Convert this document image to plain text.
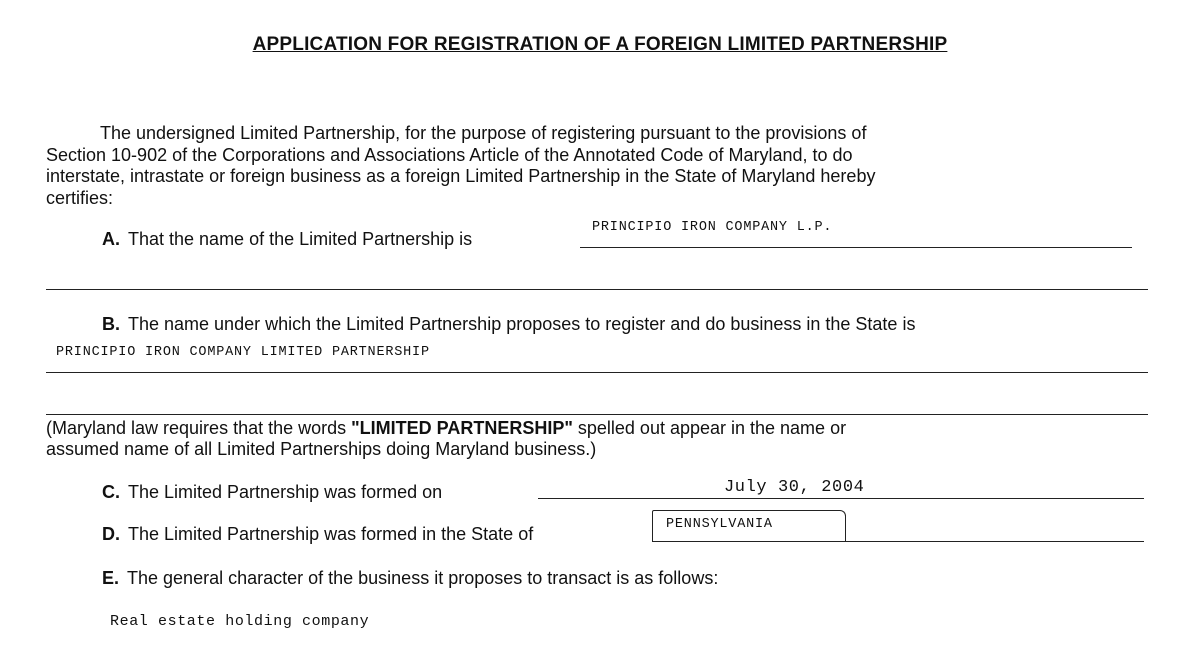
APPLICATION FOR REGISTRATION OF A FOREIGN LIMITED PARTNERSHIP
The undersigned Limited Partnership, for the purpose of registering pursuant to the provisions of
Section 10-902 of the Corporations and Associations Article of the Annotated Code of Maryland, to do
interstate, intrastate or foreign business as a foreign Limited Partnership in the State of Maryland hereby
certifies:
A. That the name of the Limited Partnership is
PRINCIPIO IRON COMPANY L.P.
B. The name under which the Limited Partnership proposes to register and do business in the State is
PRINCIPIO IRON COMPANY LIMITED PARTNERSHIP
(Maryland law requires that the words "LIMITED PARTNERSHIP" spelled out appear in the name or
assumed name of all Limited Partnerships doing Maryland business.)
C. The Limited Partnership was formed on	July 30, 2004
D. The Limited Partnership was formed in the State of	PENNSYLVANIA
E. The general character of the business it proposes to transact is as follows:
Real estate holding company
